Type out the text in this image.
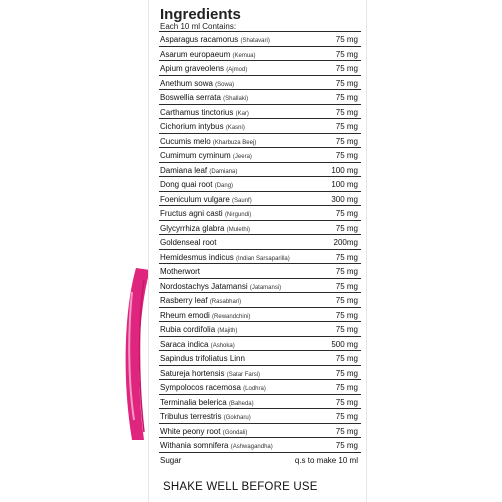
Ingredients
Each 10 ml Contains:
Asparagus racamorus (Shatavari)	75 mg
Asarum europaeum (Kemua)	75 mg
Apium graveolens (Ajmod)	75 mg
Anethum sowa (Sowa)	75 mg
Boswellia serrata (Shallaki)	75 mg
Carthamus tinctorius (Kar)	75 mg
Cichorium intybus (Kasni)	75 mg
Cucumis melo (Kharbuza Beej)	75 mg
Cumimum cyminum (Jeera)	75 mg
Damiana leaf (Damiana)	100 mg
Dong quai root (Dang)	100 mg
Foeniculum vulgare (Saunf)	300 mg
Fructus agni casti (Nirgundi)	75 mg
Glycyrrhiza glabra (Mulethi)	75 mg
Goldenseal root	200mg
Hemidesmus indicus (Indian Sarsaparilla)	75 mg
Motherwort	75 mg
Nordostachys Jatamansi (Jatamansi)	75 mg
Rasberry leaf (Rasabhari)	75 mg
Rheum emodi (Rewandchini)	75 mg
Rubia cordifolia (Majith)	75 mg
Saraca indica (Ashoka)	500 mg
Sapindus trifoliatus Linn	75 mg
Satureja hortensis (Satar Farsi)	75 mg
Sympolocos racemosa (Lodhra)	75 mg
Terminalia belerica (Baheda)	75 mg
Tribulus terrestris (Gokharu)	75 mg
White peony root (Gondali)	75 mg
Withania somnifera (Ashwagandha)	75 mg
Sugar	q.s to make 10 ml
SHAKE WELL BEFORE USE
